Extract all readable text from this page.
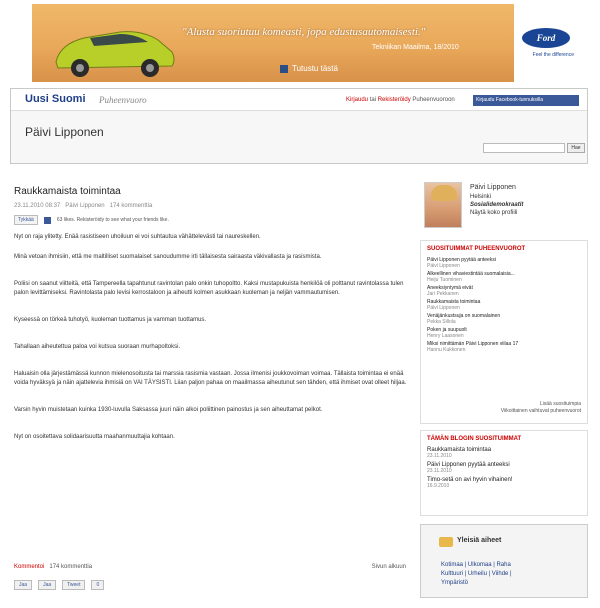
"Alusta suoriutuu komeasti, jopa edustusautomaisesti."
Tekniikan Maailma, 18/2010
Tutustu tästä
Ford
Feel the difference
Uusi Suomi Puheenvuoro	Kirjaudu tai Rekisteröidy Puheenvuoroon	Kirjaudu Facebook-tunnuksilla
Päivi Lipponen
Hae
Raukkamaista toimintaa
23.11.2010 08:37 Päivi Lipponen 174 kommenttia
Tykkää	63 likes. Rekisteröidy to see what your friends like.

Nyt on raja ylitetty. Enää rasistiseen uhoiluun ei voi suhtautua vähättelevästi tai naureskellen.

Minä vetoan ihmisiin, että me maltilliset suomalaiset sanoudumme irti tällaisesta sairaasta väkivallasta ja rasismista.

Poliisi on saanut viitteitä, että Tampereella tapahtunut ravintolan palo onkin tuhopoltto. Kaksi mustapukuista henkilöä oli polttanut ravintolassa tulen palon levittämiseksi. Ravintolasta palo levisi kerrostaloon ja aiheutti kolmen asukkaan kuoleman ja neljän vammautumisen.

Kyseessä on törkeä tuhotyö, kuoleman tuottamus ja vamman tuottamus.

Tahallaan aiheutettua paloa voi kutsua suoraan murhapoltoksi.

Haluaisin olla järjestämässä kunnon mielenosoitusta tai marssia rasismia vastaan. Jossa ilmenisi joukkovoiman voimaa. Tällaista toimintaa ei enää voida hyväksyä ja näin ajattelevia ihmisiä on VAI TÄYSISTI. Liian paljon pahaa on maailmassa aiheutunut sen tähden, että ihmiset ovat olleet hiljaa.

Varsin hyvin muistetaan kuinka 1930-luvulla Saksassa juuri näin alkoi poliittinen painostus ja sen aiheuttamat pelkot.

Nyt on osoitettava solidaarisuutta maahanmuuttajia kohtaan.

Kommentoi 174 kommenttia	Sivun alkuun
Jaa	Jaa	Tweet	0
Päivi Lipponen
Helsinki
Sosialidemokraatit
Näytä koko profiili
SUOSITUIMMAT PUHEENVUOROT
Päivi Lipponen pyytää anteeksi
Päivi Lipponen
Alkeellinen vihaviestintää suomalaisia...
Heiju Tuominen
Aneeksiyntymä eivät
Jari Pekkanen
Raukkamaista toimintaa
Päivi Lipponen
Venäjänkustsuja on suomalainen
Pekka Sillola
Poken ja suupuolt
Henry Laasonen
Miksi nimittämän Päivi Lipponen viilaa 17
Hannu Kukkonen
Lisää suosituimpia
Viikoittainen vaihtuvat puheenvuorot
TÄMÄN BLOGIN SUOSITUIMMAT
Raukkamaista toimintaa
23.11.2010
Päivi Lipponen pyytää anteeksi
23.11.2010
Timo-setä on avi hyvin vihainen!
16.9.2010
Yleisiä aiheet
Kotimaa | Ulkomaa | Raha
Kulttuuri | Urheilu | Viihde |
Ympäristö
